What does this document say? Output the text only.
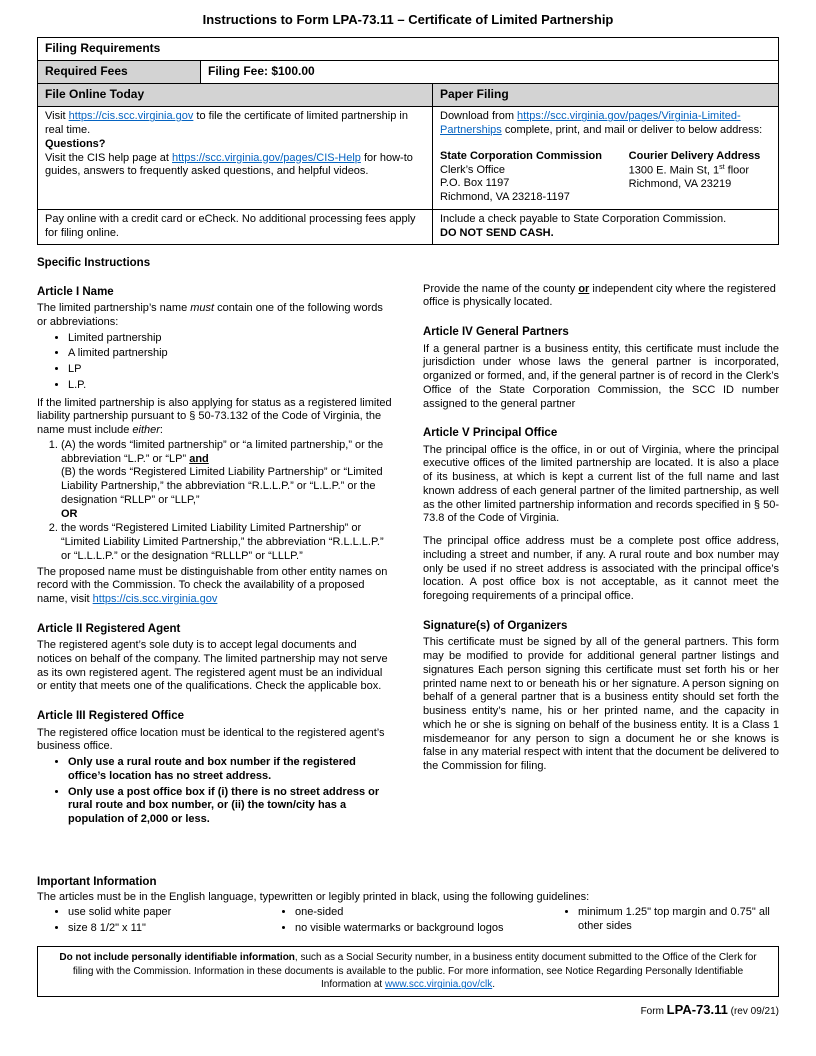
Instructions to Form LPA-73.11 – Certificate of Limited Partnership
Filing Requirements
Required Fees	Filing Fee: $100.00
File Online Today	Paper Filing

Visit https://cis.scc.virginia.gov to file the certificate of limited partnership in real time.

Questions?

Visit the CIS help page at https://scc.virginia.gov/pages/CIS-Help for how-to guides, answers to frequently asked questions, and helpful videos.

Download from https://scc.virginia.gov/pages/Virginia-Limited-Partnerships complete, print, and mail or deliver to below address:

State Corporation Commission

Clerk’s Office

P.O. Box 1197

Richmond, VA 23218-1197

Courier Delivery Address

1300 E. Main St, 1st floor

Richmond, VA 23219

Pay online with a credit card or eCheck. No additional processing fees apply for filing online.
Include a check payable to State Corporation Commission.
DO NOT SEND CASH.
Specific Instructions
Article I Name

The limited partnership’s name must contain one of the following words or abbreviations:

• Limited partnership
• A limited partnership
• LP
• L.P.

If the limited partnership is also applying for status as a registered limited liability partnership pursuant to § 50-73.132 of the Code of Virginia, the name must include either:

1. (A) the words “limited partnership” or “a limited partnership,” or the abbreviation “L.P.” or “LP” and
(B) the words “Registered Limited Liability Partnership” or “Limited Liability Partnership,” the abbreviation “R.L.L.P.” or “L.L.P.” or the designation “RLLP” or “LLP,”
OR
2. the words “Registered Limited Liability Limited Partnership” or “Limited Liability Limited Partnership,” the abbreviation “R.L.L.L.P.” or “L.L.L.P.” or the designation “RLLLP” or “LLLP.”

The proposed name must be distinguishable from other entity names on record with the Commission. To check the availability of a proposed name, visit https://cis.scc.virginia.gov

Article II Registered Agent

The registered agent’s sole duty is to accept legal documents and notices on behalf of the company. The limited partnership may not serve as its own registered agent. The registered agent must be an individual or entity that meets one of the qualifications. Check the applicable box.

Article III Registered Office

The registered office location must be identical to the registered agent’s business office.

• Only use a rural route and box number if the registered office’s location has no street address.
• Only use a post office box if (i) there is no street address or rural route and box number, or (ii) the town/city has a population of 2,000 or less.

Provide the name of the county or independent city where the registered office is physically located.

Article IV General Partners

If a general partner is a business entity, this certificate must include the jurisdiction under whose laws the general partner is incorporated, organized or formed, and, if the general partner is of record in the Clerk’s Office of the State Corporation Commission, the SCC ID number assigned to the general partner

Article V Principal Office

The principal office is the office, in or out of Virginia, where the principal executive offices of the limited partnership are located. It is also a place of its business, at which is kept a current list of the full name and last known address of each general partner of the limited partnership, as well as the other limited partnership information and records specified in § 50-73.8 of the Code of Virginia.

The principal office address must be a complete post office address, including a street and number, if any. A rural route and box number may only be used if no street address is associated with the principal office’s location. A post office box is not acceptable, as it cannot meet the foregoing requirements of a principal office.

Signature(s) of Organizers

This certificate must be signed by all of the general partners. This form may be modified to provide for additional general partner listings and signatures Each person signing this certificate must set forth his or her printed name next to or beneath his or her signature. A person signing on behalf of a general partner that is a business entity should set forth the business entity’s name, his or her printed name, and the capacity in which he or she is signing on behalf of the business entity. It is a Class 1 misdemeanor for any person to sign a document he or she knows is false in any material respect with intent that the document be delivered to the Commission for filing.

Important Information

The articles must be in the English language, typewritten or legibly printed in black, using the following guidelines:

• use solid white paper
• size 8 1/2" x 11"
• one-sided
• no visible watermarks or background logos
• minimum 1.25" top margin and 0.75" all other sides
Do not include personally identifiable information, such as a Social Security number, in a business entity document submitted to the Office of the Clerk for filing with the Commission. Information in these documents is available to the public. For more information, see Notice Regarding Personally Identifiable Information at www.scc.virginia.gov/clk.
Form LPA-73.11 (rev 09/21)
